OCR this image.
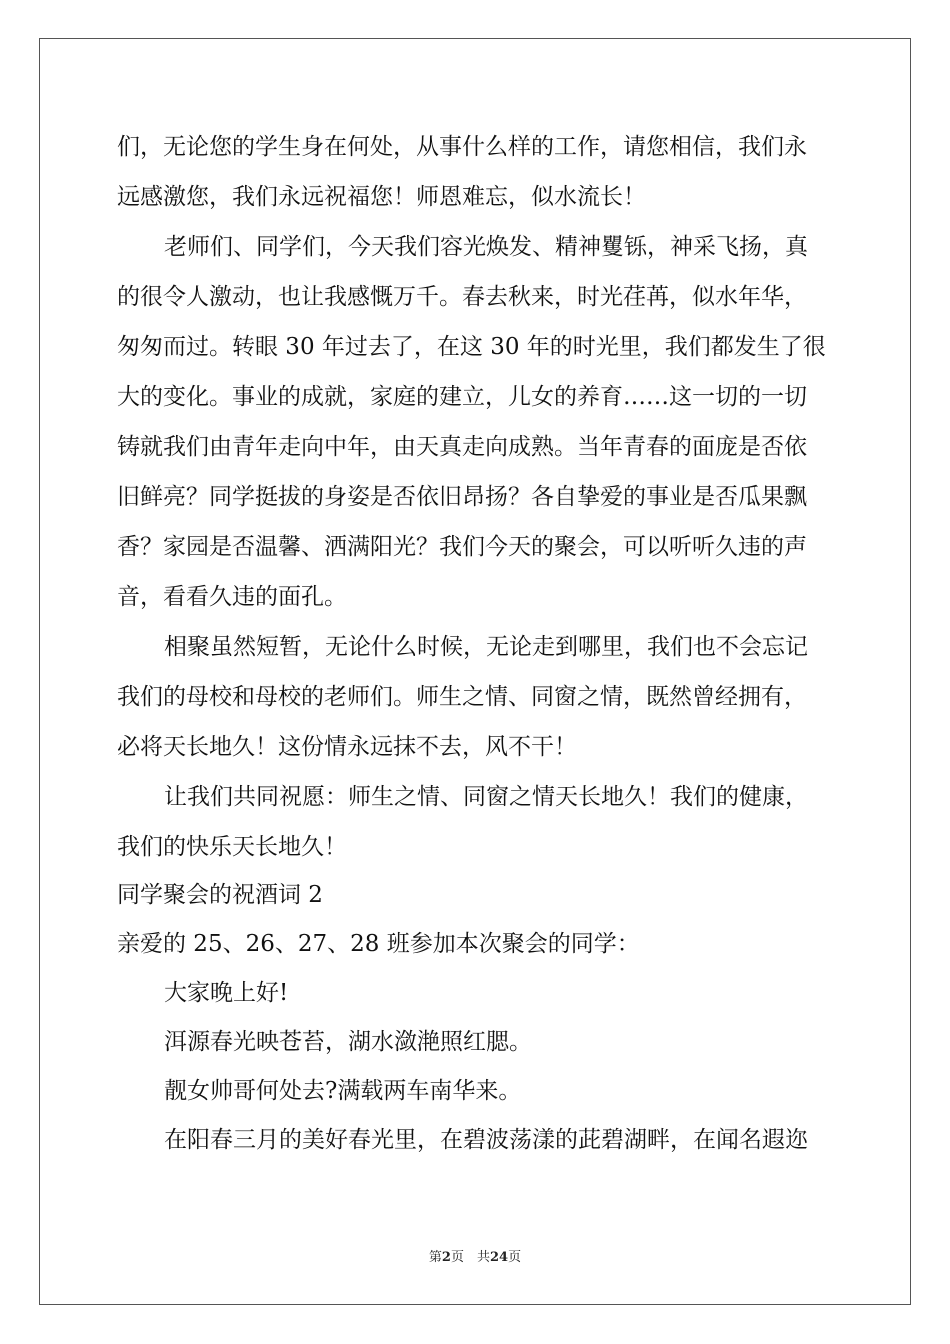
们，无论您的学生身在何处，从事什么样的工作，请您相信，我们永
远感激您，我们永远祝福您！师恩难忘，似水流长！
老师们、同学们，今天我们容光焕发、精神矍铄，神采飞扬，真
的很令人激动，也让我感慨万千。春去秋来，时光荏苒，似水年华，
匆匆而过。转眼 30 年过去了，在这 30 年的时光里，我们都发生了很
大的变化。事业的成就，家庭的建立，儿女的养育……这一切的一切
铸就我们由青年走向中年，由天真走向成熟。当年青春的面庞是否依
旧鲜亮？同学挺拔的身姿是否依旧昂扬？各自挚爱的事业是否瓜果飘
香？家园是否温馨、洒满阳光？我们今天的聚会，可以听听久违的声
音，看看久违的面孔。
相聚虽然短暂，无论什么时候，无论走到哪里，我们也不会忘记
我们的母校和母校的老师们。师生之情、同窗之情，既然曾经拥有，
必将天长地久！这份情永远抹不去，风不干！
让我们共同祝愿：师生之情、同窗之情天长地久！我们的健康，
我们的快乐天长地久！
同学聚会的祝酒词 2
亲爱的 25、26、27、28 班参加本次聚会的同学：
大家晚上好!
洱源春光映苍苔，湖水潋滟照红腮。
靓女帅哥何处去?满载两车南华来。
在阳春三月的美好春光里，在碧波荡漾的茈碧湖畔，在闻名遐迩
第2页　共24页
